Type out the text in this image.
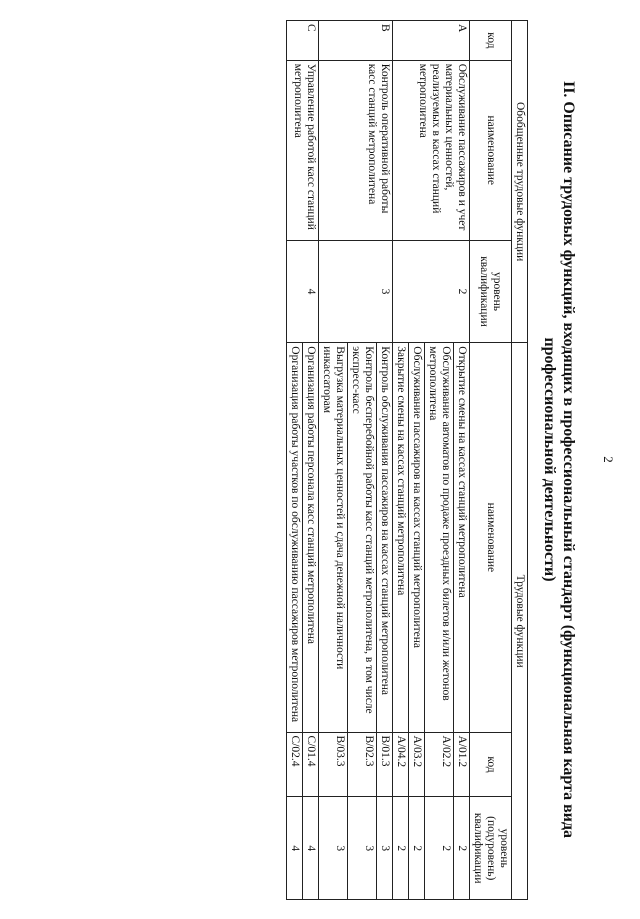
2
II. Описание трудовых функций, входящих в профессиональный стандарт (функциональная карта вида профессиональной деятельности)
Обобщенные трудовые функции			Трудовые функции		
код	наименование	уровень квалификации	наименование	код	уровень (подуровень) квалификации
A	Обслуживание пассажиров и учет материальных ценностей, реализуемых в кассах станций метрополитена	2	Открытие смены на кассах станций метрополитена	A/01.2	2
			Обслуживание автоматов по продаже проездных билетов и/или жетонов метрополитена	A/02.2	2
			Обслуживание пассажиров на кассах станций метрополитена	A/03.2	2
			Закрытие смены на кассах станций метрополитена	A/04.2	2
B	Контроль оперативной работы касс станций метрополитена	3	Контроль обслуживания пассажиров на кассах станций метрополитена	B/01.3	3
			Контроль бесперебойной работы касс станций метрополитена, в том числе экспресс-касс	B/02.3	3
			Выгрузка материальных ценностей и сдача денежной наличности инкассаторам	B/03.3	3
C	Управление работой касс станций метрополитена	4	Организация работы персонала касс станций метрополитена	C/01.4	4
			Организация работы участков по обслуживанию пассажиров метрополитена	C/02.4	4
